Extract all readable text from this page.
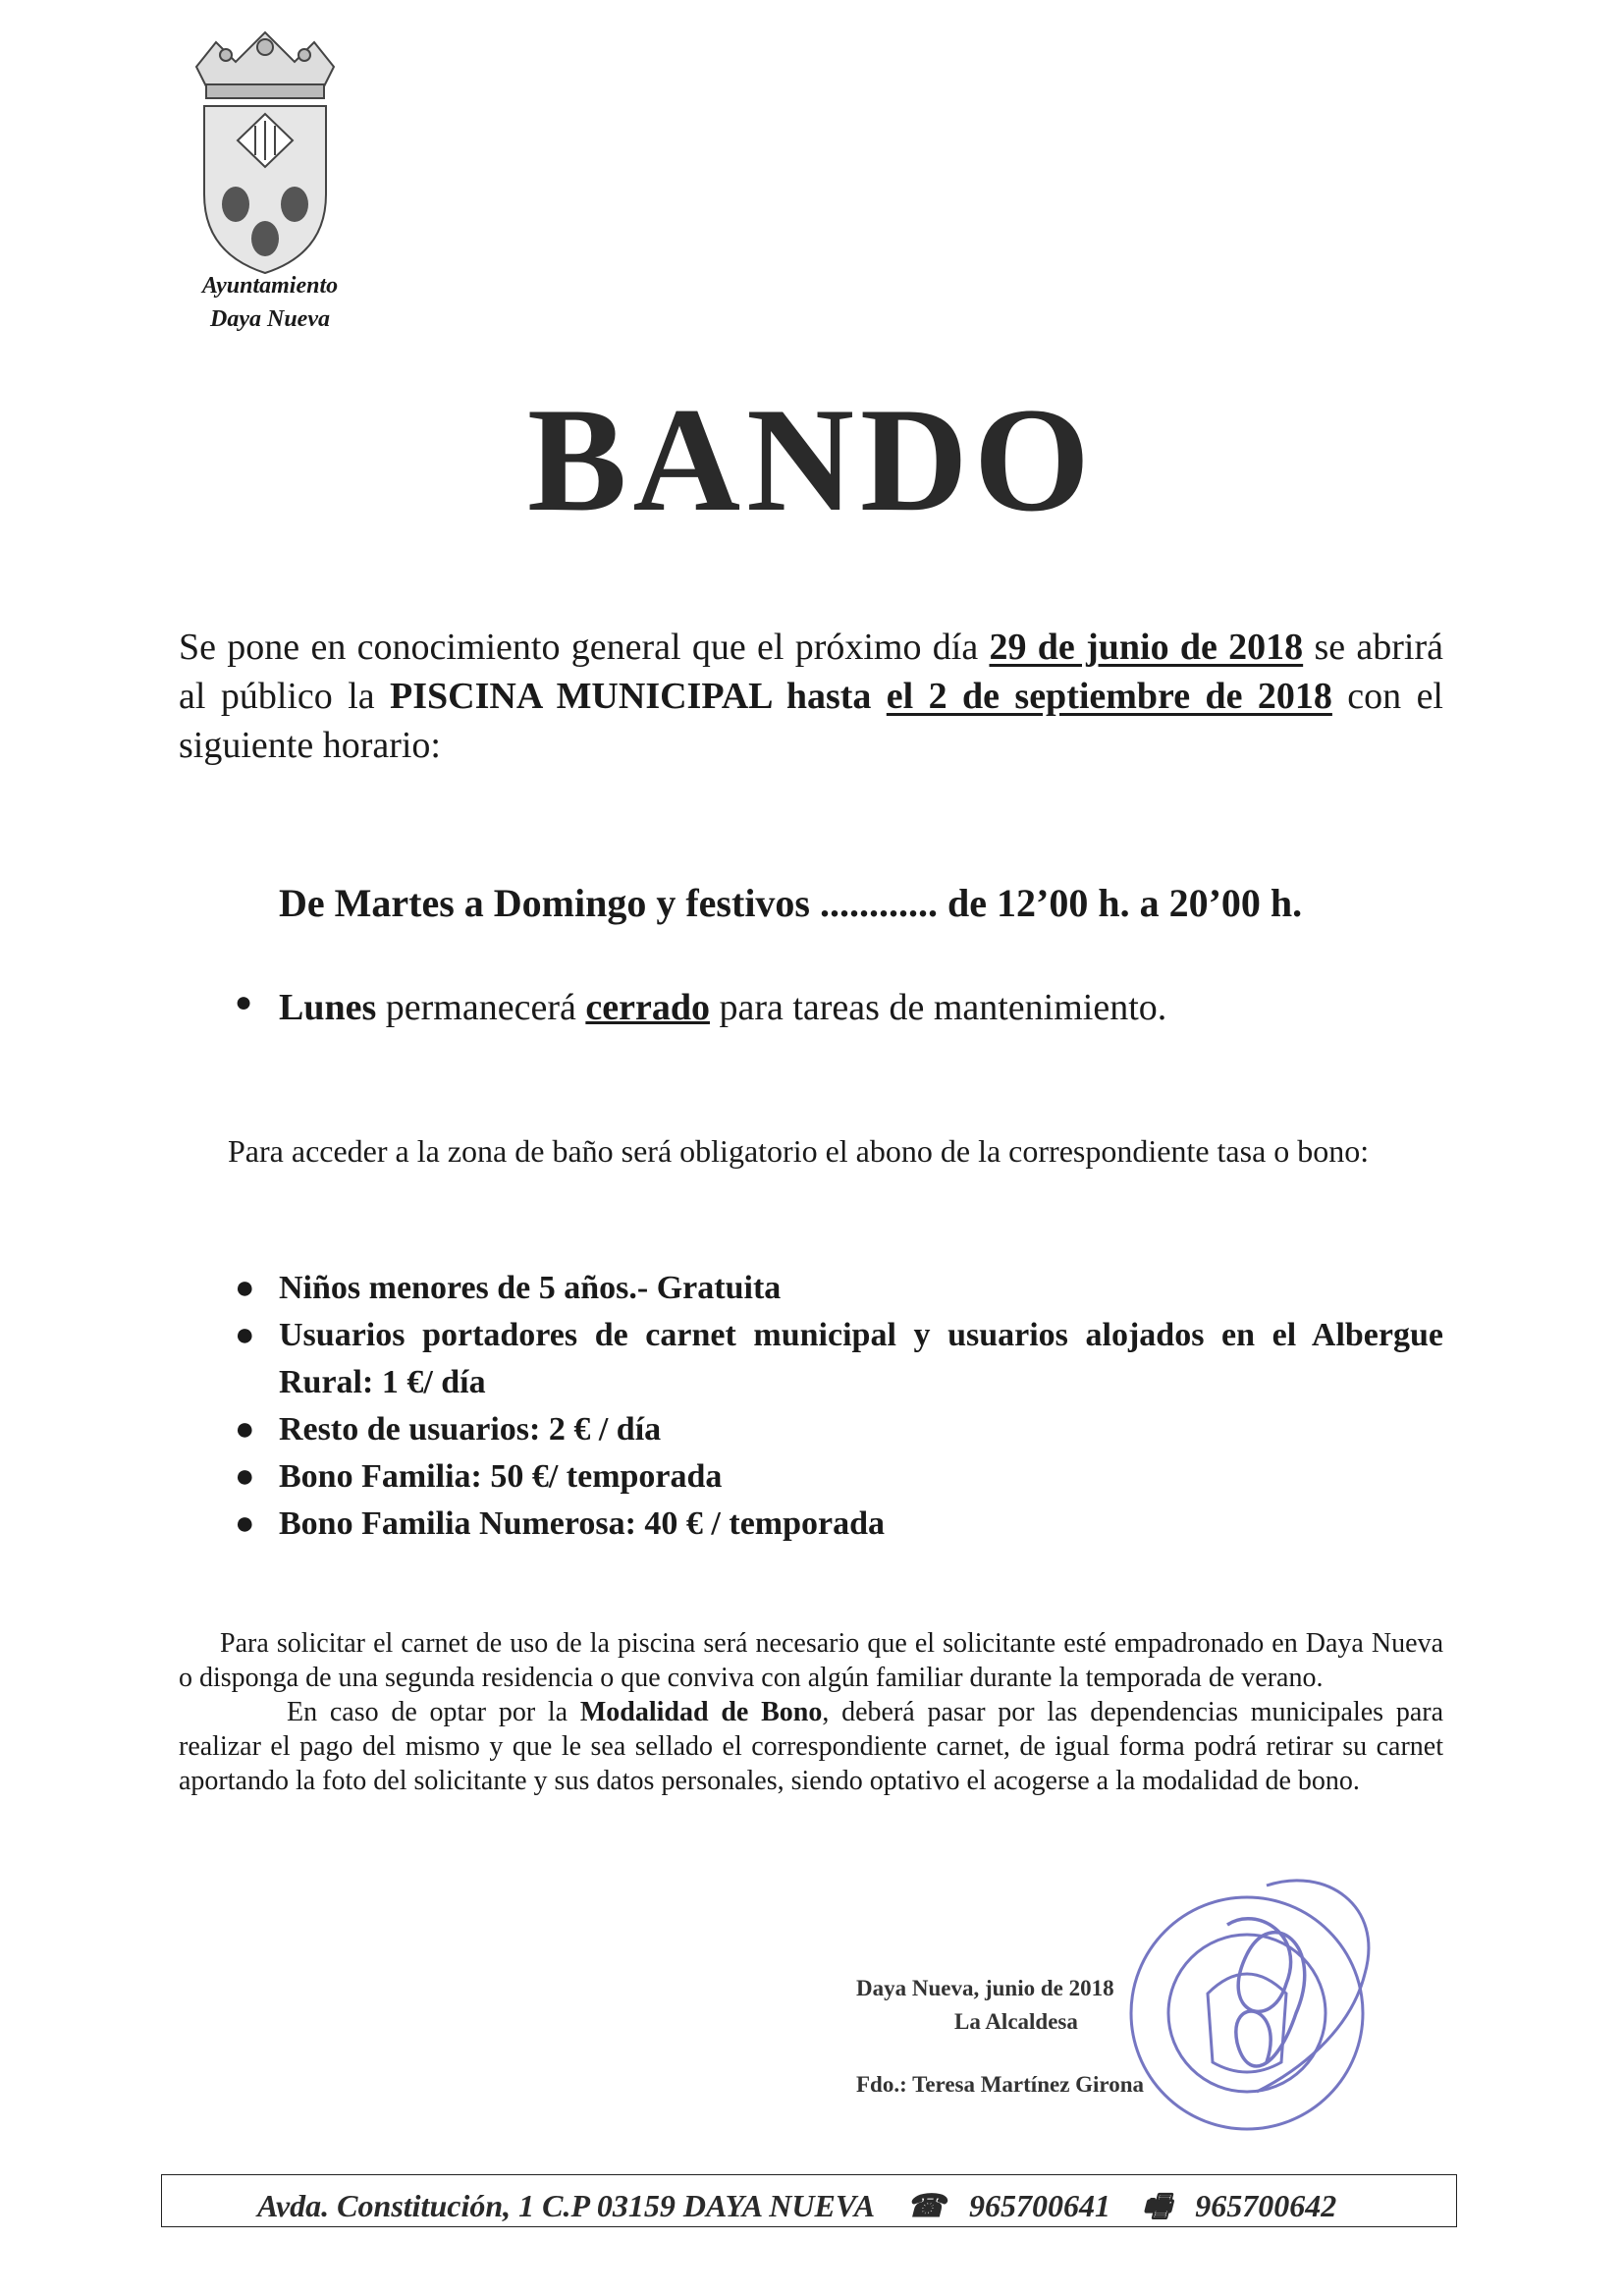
Ayuntamiento
Daya Nueva
BANDO
Se pone en conocimiento general que el próximo día 29 de junio de 2018 se abrirá al público la PISCINA MUNICIPAL hasta el 2 de septiembre de 2018 con el siguiente horario:
De Martes a Domingo y festivos ............ de 12’00 h. a 20’00 h.
● Lunes permanecerá cerrado para tareas de mantenimiento.
Para acceder a la zona de baño será obligatorio el abono de la correspondiente tasa o bono:
● Niños menores de 5 años.- Gratuita
● Usuarios portadores de carnet municipal y usuarios alojados en el Albergue Rural: 1 €/ día
● Resto de usuarios: 2 € / día
● Bono Familia: 50 €/ temporada
● Bono Familia Numerosa: 40 € / temporada

Para solicitar el carnet de uso de la piscina será necesario que el solicitante esté empadronado en Daya Nueva o disponga de una segunda residencia o que conviva con algún familiar durante la temporada de verano.

En caso de optar por la Modalidad de Bono, deberá pasar por las dependencias municipales para realizar el pago del mismo y que le sea sellado el correspondiente carnet, de igual forma podrá retirar su carnet aportando la foto del solicitante y sus datos personales, siendo optativo el acogerse a la modalidad de bono.

Daya Nueva, junio de 2018
La Alcaldesa
Fdo.: Teresa Martínez Girona
Avda. Constitución, 1 C.P 03159 DAYA NUEVA ☎ 965700641 🖷 965700642
